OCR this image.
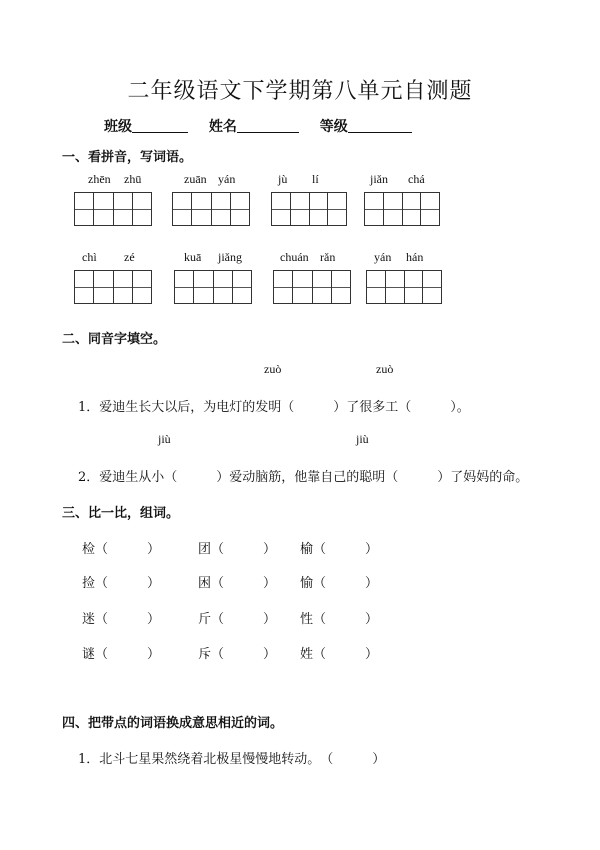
二年级语文下学期第八单元自测题
班级	姓名	等级
一、看拼音，写词语。
zhēn zhū	zuān yán	jù lí	jiǎn chá
chì zé	kuā jiǎng	chuán rǎn	yán hán
二、同音字填空。
zuò	zuò
1．爱迪生长大以后，为电灯的发明（　　　）了很多工（　　　）。
jiù	jiù
2．爱迪生从小（　　　）爱动脑筋，他靠自己的聪明（　　　）了妈妈的命。
三、比一比，组词。
检（　　　）	团（　　　） 榆（　　　）
捡（　　　）	困（　　　） 愉（　　　）
迷（　　　）	斤（　　　） 性（　　　）
谜（　　　）	斥（　　　） 姓（　　　）
四、把带点的词语换成意思相近的词。
1．北斗七星果然绕着北极星慢慢地转动。　（　　　）
